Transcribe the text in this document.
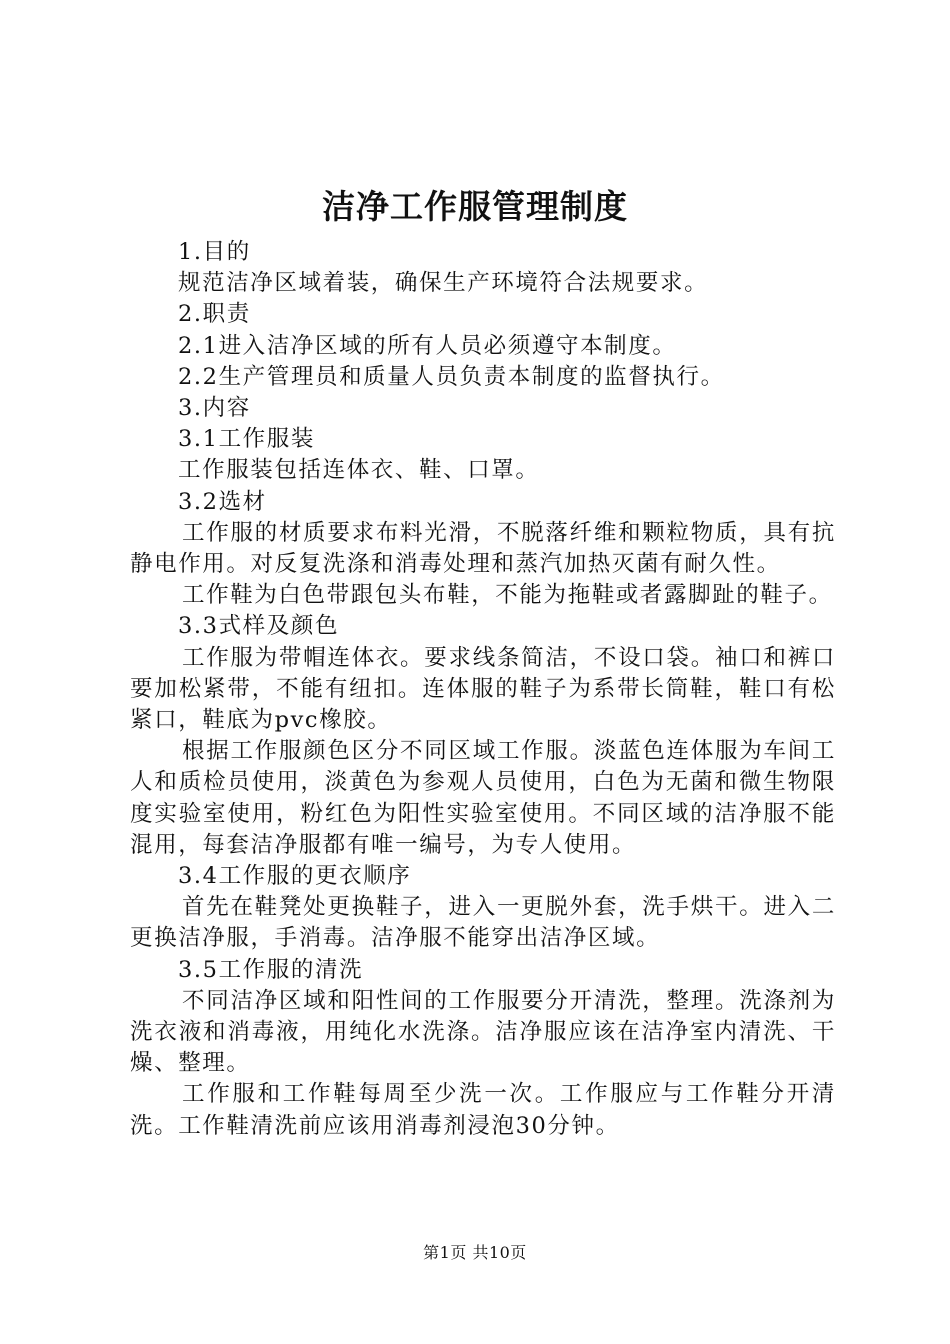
洁净工作服管理制度

1.目的

规范洁净区域着装，确保生产环境符合法规要求。

2.职责

2.1进入洁净区域的所有人员必须遵守本制度。

2.2生产管理员和质量人员负责本制度的监督执行。

3.内容

3.1工作服装

工作服装包括连体衣、鞋、口罩。

3.2选材

工作服的材质要求布料光滑，不脱落纤维和颗粒物质，具有抗静电作用。对反复洗涤和消毒处理和蒸汽加热灭菌有耐久性。

工作鞋为白色带跟包头布鞋，不能为拖鞋或者露脚趾的鞋子。

3.3式样及颜色

工作服为带帽连体衣。要求线条简洁，不设口袋。袖口和裤口要加松紧带，不能有纽扣。连体服的鞋子为系带长筒鞋，鞋口有松紧口，鞋底为pvc橡胶。

根据工作服颜色区分不同区域工作服。淡蓝色连体服为车间工人和质检员使用，淡黄色为参观人员使用，白色为无菌和微生物限度实验室使用，粉红色为阳性实验室使用。不同区域的洁净服不能混用，每套洁净服都有唯一编号，为专人使用。

3.4工作服的更衣顺序

首先在鞋凳处更换鞋子，进入一更脱外套，洗手烘干。进入二更换洁净服，手消毒。洁净服不能穿出洁净区域。

3.5工作服的清洗

不同洁净区域和阳性间的工作服要分开清洗，整理。洗涤剂为洗衣液和消毒液，用纯化水洗涤。洁净服应该在洁净室内清洗、干燥、整理。

工作服和工作鞋每周至少洗一次。工作服应与工作鞋分开清洗。工作鞋清洗前应该用消毒剂浸泡30分钟。

第1页 共10页
